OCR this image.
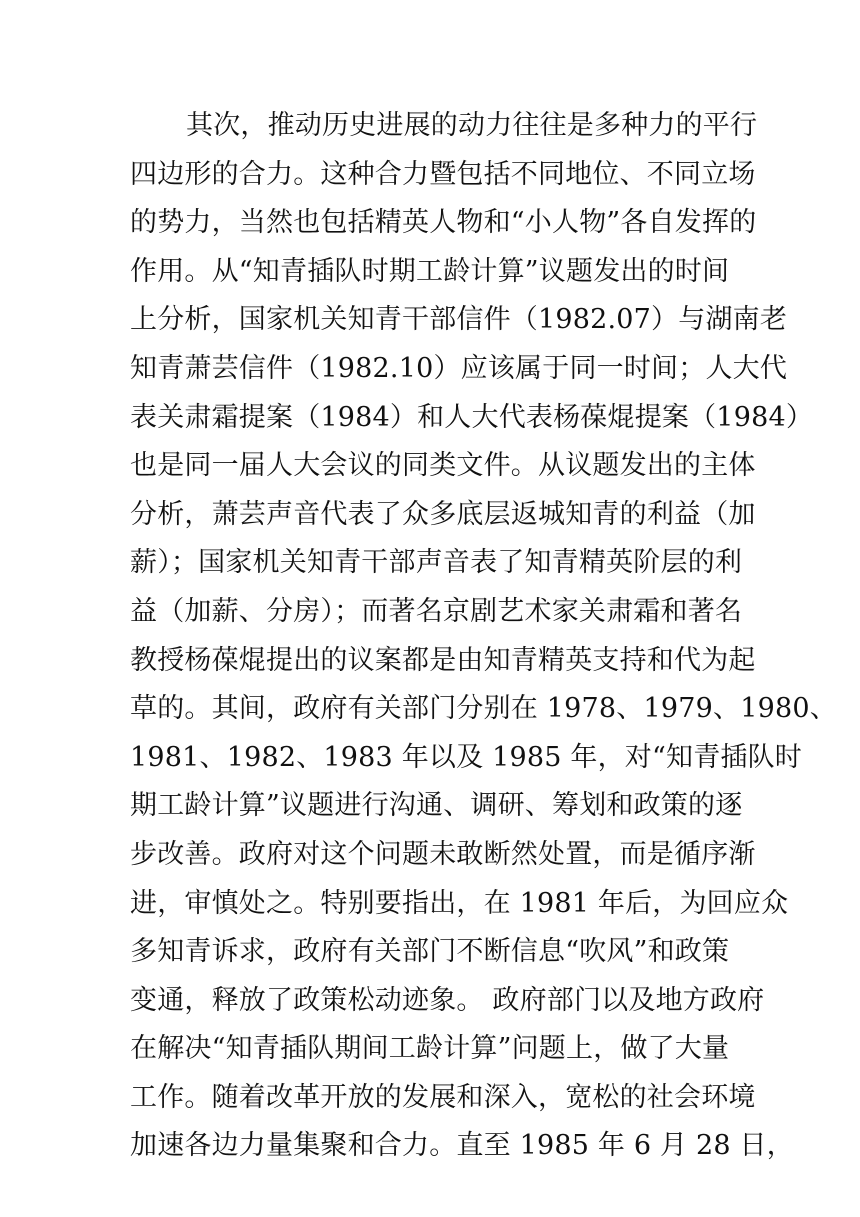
其次，推动历史进展的动力往往是多种力的平行
四边形的合力。这种合力暨包括不同地位、不同立场
的势力，当然也包括精英人物和“小人物”各自发挥的
作用。从“知青插队时期工龄计算”议题发出的时间
上分析，国家机关知青干部信件（1982.07）与湖南老
知青萧芸信件（1982.10）应该属于同一时间；人大代
表关肃霜提案（1984）和人大代表杨葆焜提案（1984）
也是同一届人大会议的同类文件。从议题发出的主体
分析，萧芸声音代表了众多底层返城知青的利益（加
薪）；国家机关知青干部声音表了知青精英阶层的利
益（加薪、分房）；而著名京剧艺术家关肃霜和著名
教授杨葆焜提出的议案都是由知青精英支持和代为起
草的。其间，政府有关部门分别在 1978、1979、1980、
1981、1982、1983 年以及 1985 年，对“知青插队时
期工龄计算”议题进行沟通、调研、筹划和政策的逐
步改善。政府对这个问题未敢断然处置，而是循序渐
进，审慎处之。特别要指出，在 1981 年后，为回应众
多知青诉求，政府有关部门不断信息“吹风”和政策
变通，释放了政策松动迹象。 政府部门以及地方政府
在解决“知青插队期间工龄计算”问题上，做了大量
工作。随着改革开放的发展和深入，宽松的社会环境
加速各边力量集聚和合力。直至 1985 年 6 月 28 日，
